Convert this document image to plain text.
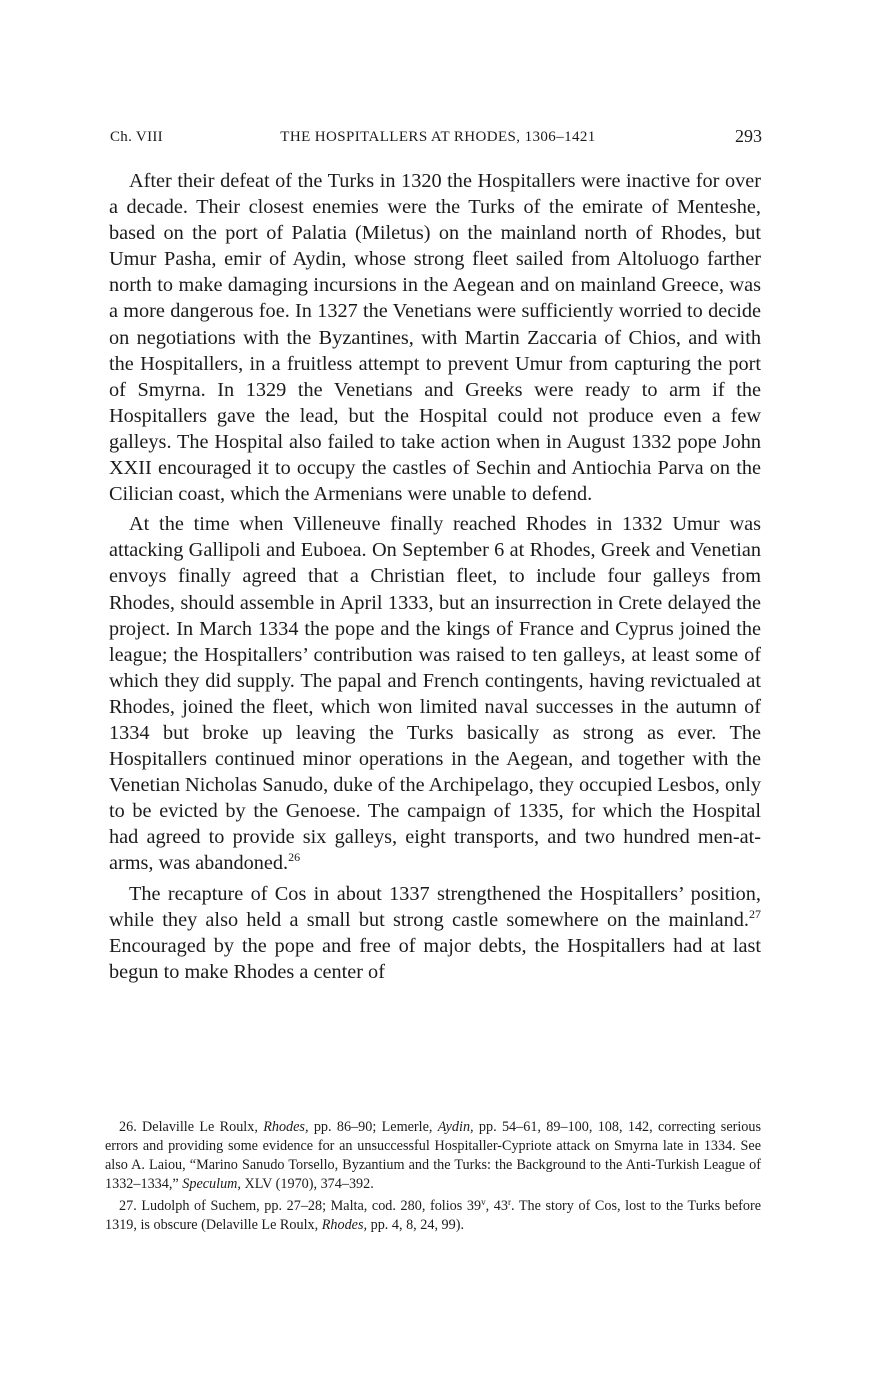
Ch. VIII	THE HOSPITALLERS AT RHODES, 1306–1421	293

After their defeat of the Turks in 1320 the Hospitallers were inactive for over a decade. Their closest enemies were the Turks of the emirate of Menteshe, based on the port of Palatia (Miletus) on the mainland north of Rhodes, but Umur Pasha, emir of Aydin, whose strong fleet sailed from Altoluogo farther north to make damaging incursions in the Aegean and on mainland Greece, was a more dangerous foe. In 1327 the Venetians were sufficiently worried to decide on negotiations with the Byzantines, with Martin Zaccaria of Chios, and with the Hospitallers, in a fruitless attempt to prevent Umur from capturing the port of Smyrna. In 1329 the Venetians and Greeks were ready to arm if the Hospitallers gave the lead, but the Hospital could not produce even a few galleys. The Hospital also failed to take action when in August 1332 pope John XXII encouraged it to occupy the castles of Sechin and Antiochia Parva on the Cilician coast, which the Armenians were unable to defend.

At the time when Villeneuve finally reached Rhodes in 1332 Umur was attacking Gallipoli and Euboea. On September 6 at Rhodes, Greek and Venetian envoys finally agreed that a Christian fleet, to include four galleys from Rhodes, should assemble in April 1333, but an insurrection in Crete delayed the project. In March 1334 the pope and the kings of France and Cyprus joined the league; the Hospitallers’ contribution was raised to ten galleys, at least some of which they did supply. The papal and French contingents, having revictualed at Rhodes, joined the fleet, which won limited naval successes in the autumn of 1334 but broke up leaving the Turks basically as strong as ever. The Hospitallers continued minor operations in the Aegean, and together with the Venetian Nicholas Sanudo, duke of the Archipelago, they occupied Lesbos, only to be evicted by the Genoese. The campaign of 1335, for which the Hospital had agreed to provide six galleys, eight transports, and two hundred men-at-arms, was abandoned.$^{26}$

The recapture of Cos in about 1337 strengthened the Hospitallers’ position, while they also held a small but strong castle somewhere on the mainland.$^{27}$ Encouraged by the pope and free of major debts, the Hospitallers had at last begun to make Rhodes a center of

26. Delaville Le Roulx, Rhodes, pp. 86–90; Lemerle, Aydin, pp. 54–61, 89–100, 108, 142, correcting serious errors and providing some evidence for an unsuccessful Hospitaller-Cypriote attack on Smyrna late in 1334. See also A. Laiou, “Marino Sanudo Torsello, Byzantium and the Turks: the Background to the Anti-Turkish League of 1332–1334,” Speculum, XLV (1970), 374–392.

27. Ludolph of Suchem, pp. 27–28; Malta, cod. 280, folios 39$^v$, 43$^r$. The story of Cos, lost to the Turks before 1319, is obscure (Delaville Le Roulx, Rhodes, pp. 4, 8, 24, 99).
